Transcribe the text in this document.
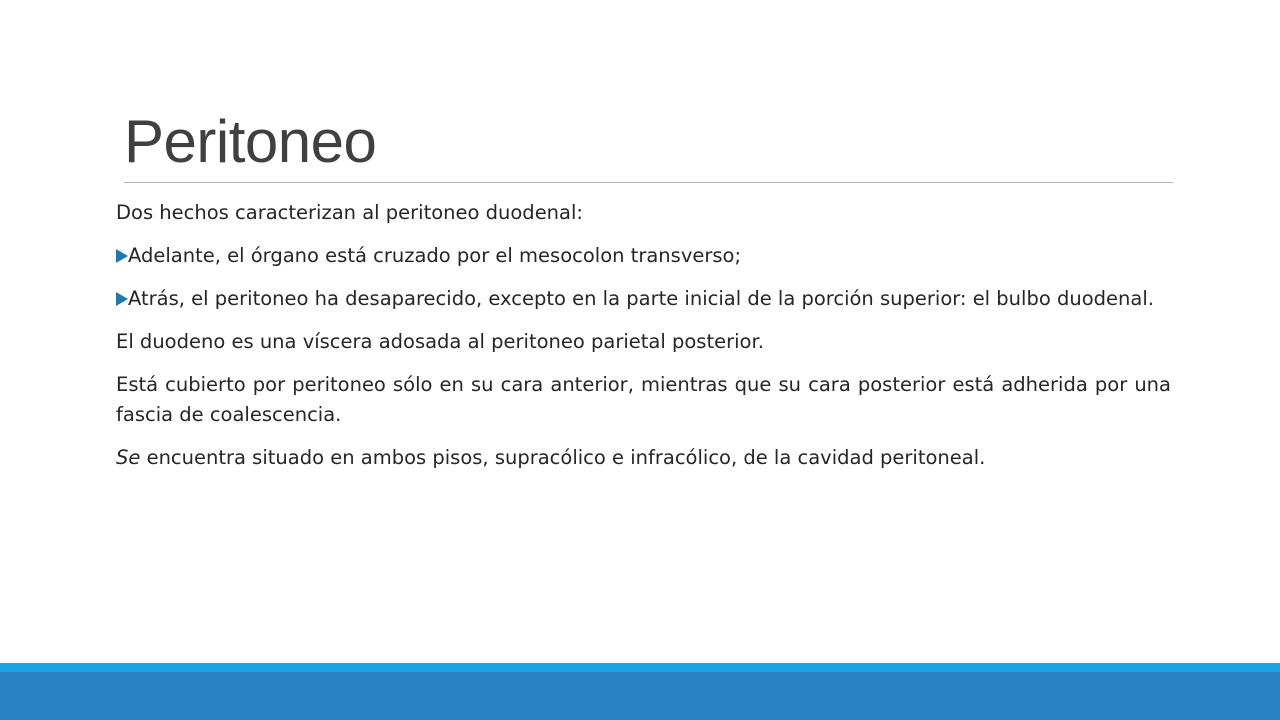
Peritoneo

Dos hechos caracterizan al peritoneo duodenal:

Adelante, el órgano está cruzado por el mesocolon transverso;

Atrás, el peritoneo ha desaparecido, excepto en la parte inicial de la porción superior: el bulbo duodenal.

El duodeno es una víscera adosada al peritoneo parietal posterior.

Está cubierto por peritoneo sólo en su cara anterior, mientras que su cara posterior está adherida por una fascia de coalescencia.

Se encuentra situado en ambos pisos, supracólico e infracólico, de la cavidad peritoneal.
